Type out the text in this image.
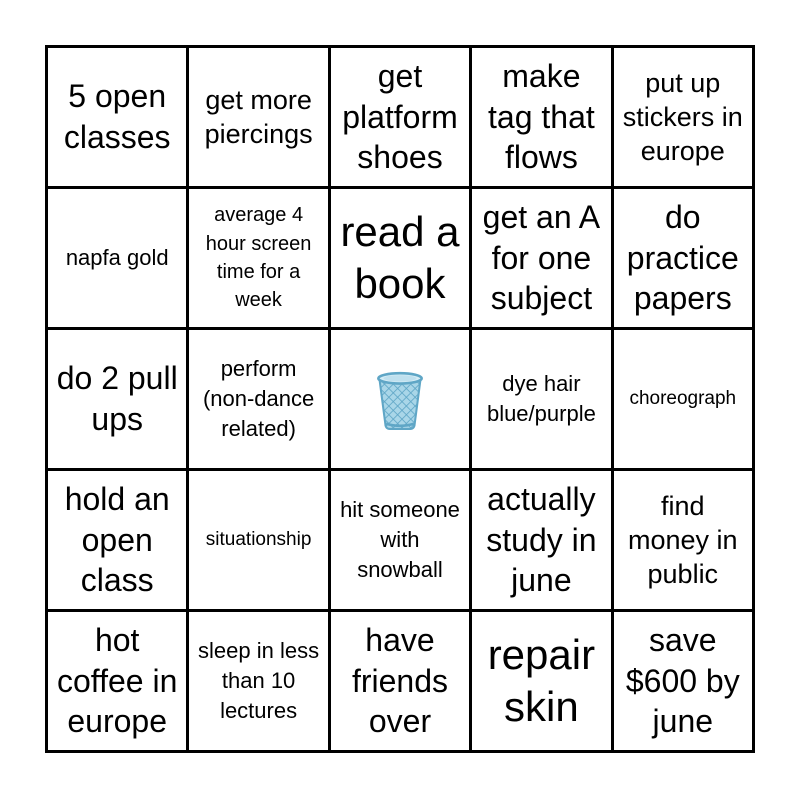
5 open classes
get more piercings
get platform shoes
make tag that flows
put up stickers in europe
napfa gold
average 4 hour screen time for a week
read a book
get an A for one subject
do practice papers
do 2 pull ups
perform (non-dance related)
dye hair blue/purple
choreograph
hold an open class
situationship
hit someone with snowball
actually study in june
find money in public
hot coffee in europe
sleep in less than 10 lectures
have friends over
repair skin
save $600 by june
